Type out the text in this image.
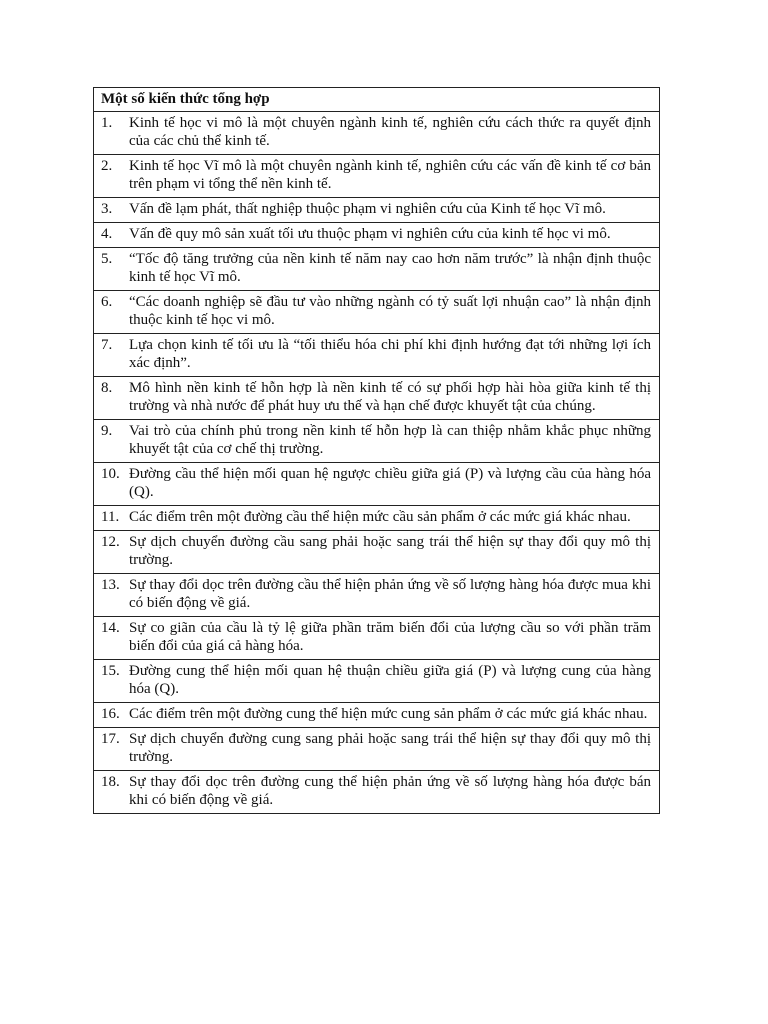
Một số kiến thức tổng hợp

1.	Kinh tế học vi mô là một chuyên ngành kinh tế, nghiên cứu cách thức ra quyết định của các chủ thể kinh tế.

2.	Kinh tế học Vĩ mô là một chuyên ngành kinh tế, nghiên cứu các vấn đề kinh tế cơ bản trên phạm vi tổng thể nền kinh tế.

3.	Vấn đề lạm phát, thất nghiệp thuộc phạm vi nghiên cứu của Kinh tế học Vĩ mô.

4.	Vấn đề quy mô sản xuất tối ưu thuộc phạm vi nghiên cứu của kinh tế học vi mô.

5.	“Tốc độ tăng trưởng của nền kinh tế năm nay cao hơn năm trước” là nhận định thuộc kinh tế học Vĩ mô.

6.	“Các doanh nghiệp sẽ đầu tư vào những ngành có tỷ suất lợi nhuận cao” là nhận định thuộc kinh tế học vi mô.

7.	Lựa chọn kinh tế tối ưu là “tối thiểu hóa chi phí khi định hướng đạt tới những lợi ích xác định”.

8.	Mô hình nền kinh tế hỗn hợp là nền kinh tế có sự phối hợp hài hòa giữa kinh tế thị trường và nhà nước để phát huy ưu thế và hạn chế được khuyết tật của chúng.

9.	Vai trò của chính phủ trong nền kinh tế hỗn hợp là can thiệp nhằm khắc phục những khuyết tật của cơ chế thị trường.

10. Đường cầu thể hiện mối quan hệ ngược chiều giữa giá (P) và lượng cầu của hàng hóa (Q).

11. Các điểm trên một đường cầu thể hiện mức cầu sản phẩm ở các mức giá khác nhau.

12. Sự dịch chuyển đường cầu sang phải hoặc sang trái thể hiện sự thay đổi quy mô thị trường.

13. Sự thay đổi dọc trên đường cầu thể hiện phản ứng về số lượng hàng hóa được mua khi có biến động về giá.

14. Sự co giãn của cầu là tỷ lệ giữa phần trăm biến đổi của lượng cầu so với phần trăm biến đổi của giá cả hàng hóa.

15. Đường cung thể hiện mối quan hệ thuận chiều giữa giá (P) và lượng cung của hàng hóa (Q).

16. Các điểm trên một đường cung thể hiện mức cung sản phẩm ở các mức giá khác nhau.

17. Sự dịch chuyển đường cung sang phải hoặc sang trái thể hiện sự thay đổi quy mô thị trường.

18. Sự thay đổi dọc trên đường cung thể hiện phản ứng về số lượng hàng hóa được bán khi có biến động về giá.
